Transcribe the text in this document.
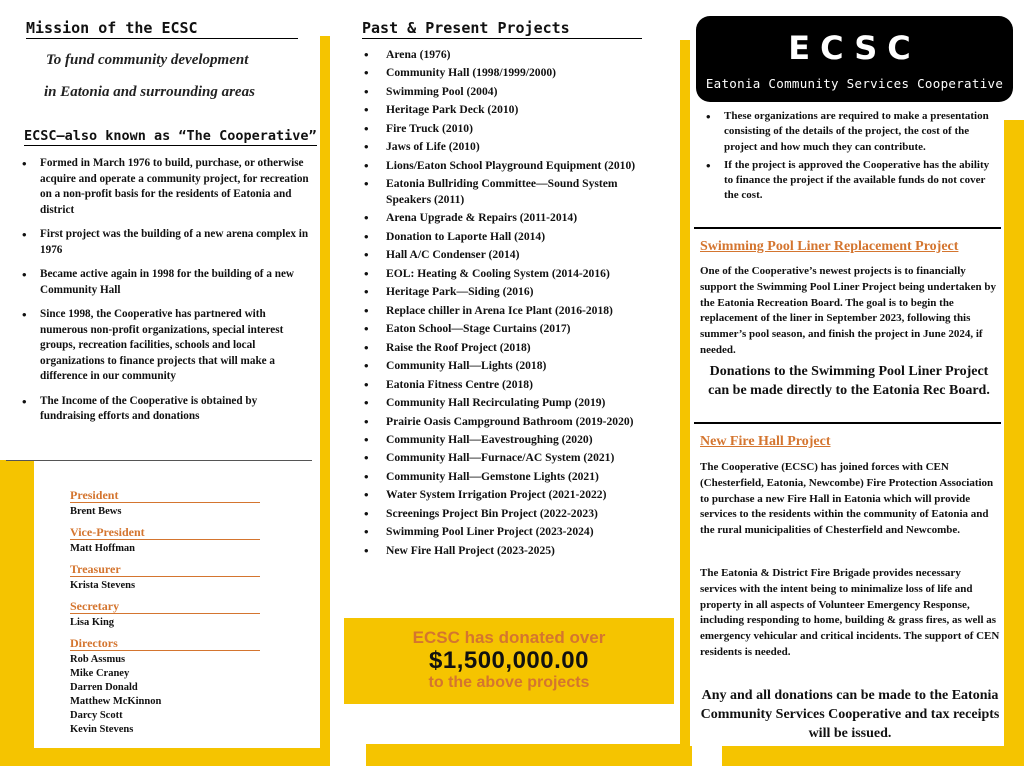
Mission of the ECSC
To fund community development
in Eatonia and surrounding areas
ECSC—also known as “The Cooperative”
• Formed in March 1976 to build, purchase, or otherwise acquire and operate a community project, for recreation on a non-profit basis for the residents of Eatonia and district
• First project was the building of a new arena complex in 1976
• Became active again in 1998 for the building of a new Community Hall
• Since 1998, the Cooperative has partnered with numerous non-profit organizations, special interest groups, recreation facilities, schools and local organizations to finance projects that will make a difference in our community
• The Income of the Cooperative is obtained by fundraising efforts and donations
President
Brent Bews
Vice-President
Matt Hoffman
Treasurer
Krista Stevens
Secretary
Lisa King
Directors
Rob Assmus
Mike Craney
Darren Donald
Matthew McKinnon
Darcy Scott
Kevin Stevens
Past & Present Projects
• Arena (1976)
• Community Hall (1998/1999/2000)
• Swimming Pool (2004)
• Heritage Park Deck (2010)
• Fire Truck (2010)
• Jaws of Life (2010)
• Lions/Eaton School Playground Equipment (2010)
• Eatonia Bullriding Committee—Sound System Speakers (2011)
• Arena Upgrade & Repairs (2011-2014)
• Donation to Laporte Hall (2014)
• Hall A/C Condenser (2014)
• EOL: Heating & Cooling System (2014-2016)
• Heritage Park—Siding (2016)
• Replace chiller in Arena Ice Plant (2016-2018)
• Eaton School—Stage Curtains (2017)
• Raise the Roof Project (2018)
• Community Hall—Lights (2018)
• Eatonia Fitness Centre (2018)
• Community Hall Recirculating Pump (2019)
• Prairie Oasis Campground Bathroom (2019-2020)
• Community Hall—Eavestroughing (2020)
• Community Hall—Furnace/AC System (2021)
• Community Hall—Gemstone Lights (2021)
• Water System Irrigation Project (2021-2022)
• Screenings Project Bin Project (2022-2023)
• Swimming Pool Liner Project (2023-2024)
• New Fire Hall Project (2023-2025)
ECSC has donated over
$1,500,000.00
to the above projects
ECSC
Eatonia Community Services Cooperative
• These organizations are required to make a presentation consisting of the details of the project, the cost of the project and how much they can contribute.
• If the project is approved the Cooperative has the ability to finance the project if the available funds do not cover the cost.
Swimming Pool Liner Replacement Project
One of the Cooperative’s newest projects is to financially support the Swimming Pool Liner Project being undertaken by the Eatonia Recreation Board. The goal is to begin the replacement of the liner in September 2023, following this summer’s pool season, and finish the project in June 2024, if needed.
Donations to the Swimming Pool Liner Project can be made directly to the Eatonia Rec Board.
New Fire Hall Project
The Cooperative (ECSC) has joined forces with CEN (Chesterfield, Eatonia, Newcombe) Fire Protection Association to purchase a new Fire Hall in Eatonia which will provide services to the residents within the community of Eatonia and the rural municipalities of Chesterfield and Newcombe.
The Eatonia & District Fire Brigade provides necessary services with the intent being to minimalize loss of life and property in all aspects of Volunteer Emergency Response, including responding to home, building & grass fires, as well as emergency vehicular and critical incidents. The support of CEN residents is needed.
Any and all donations can be made to the Eatonia Community Services Cooperative and tax receipts will be issued.
